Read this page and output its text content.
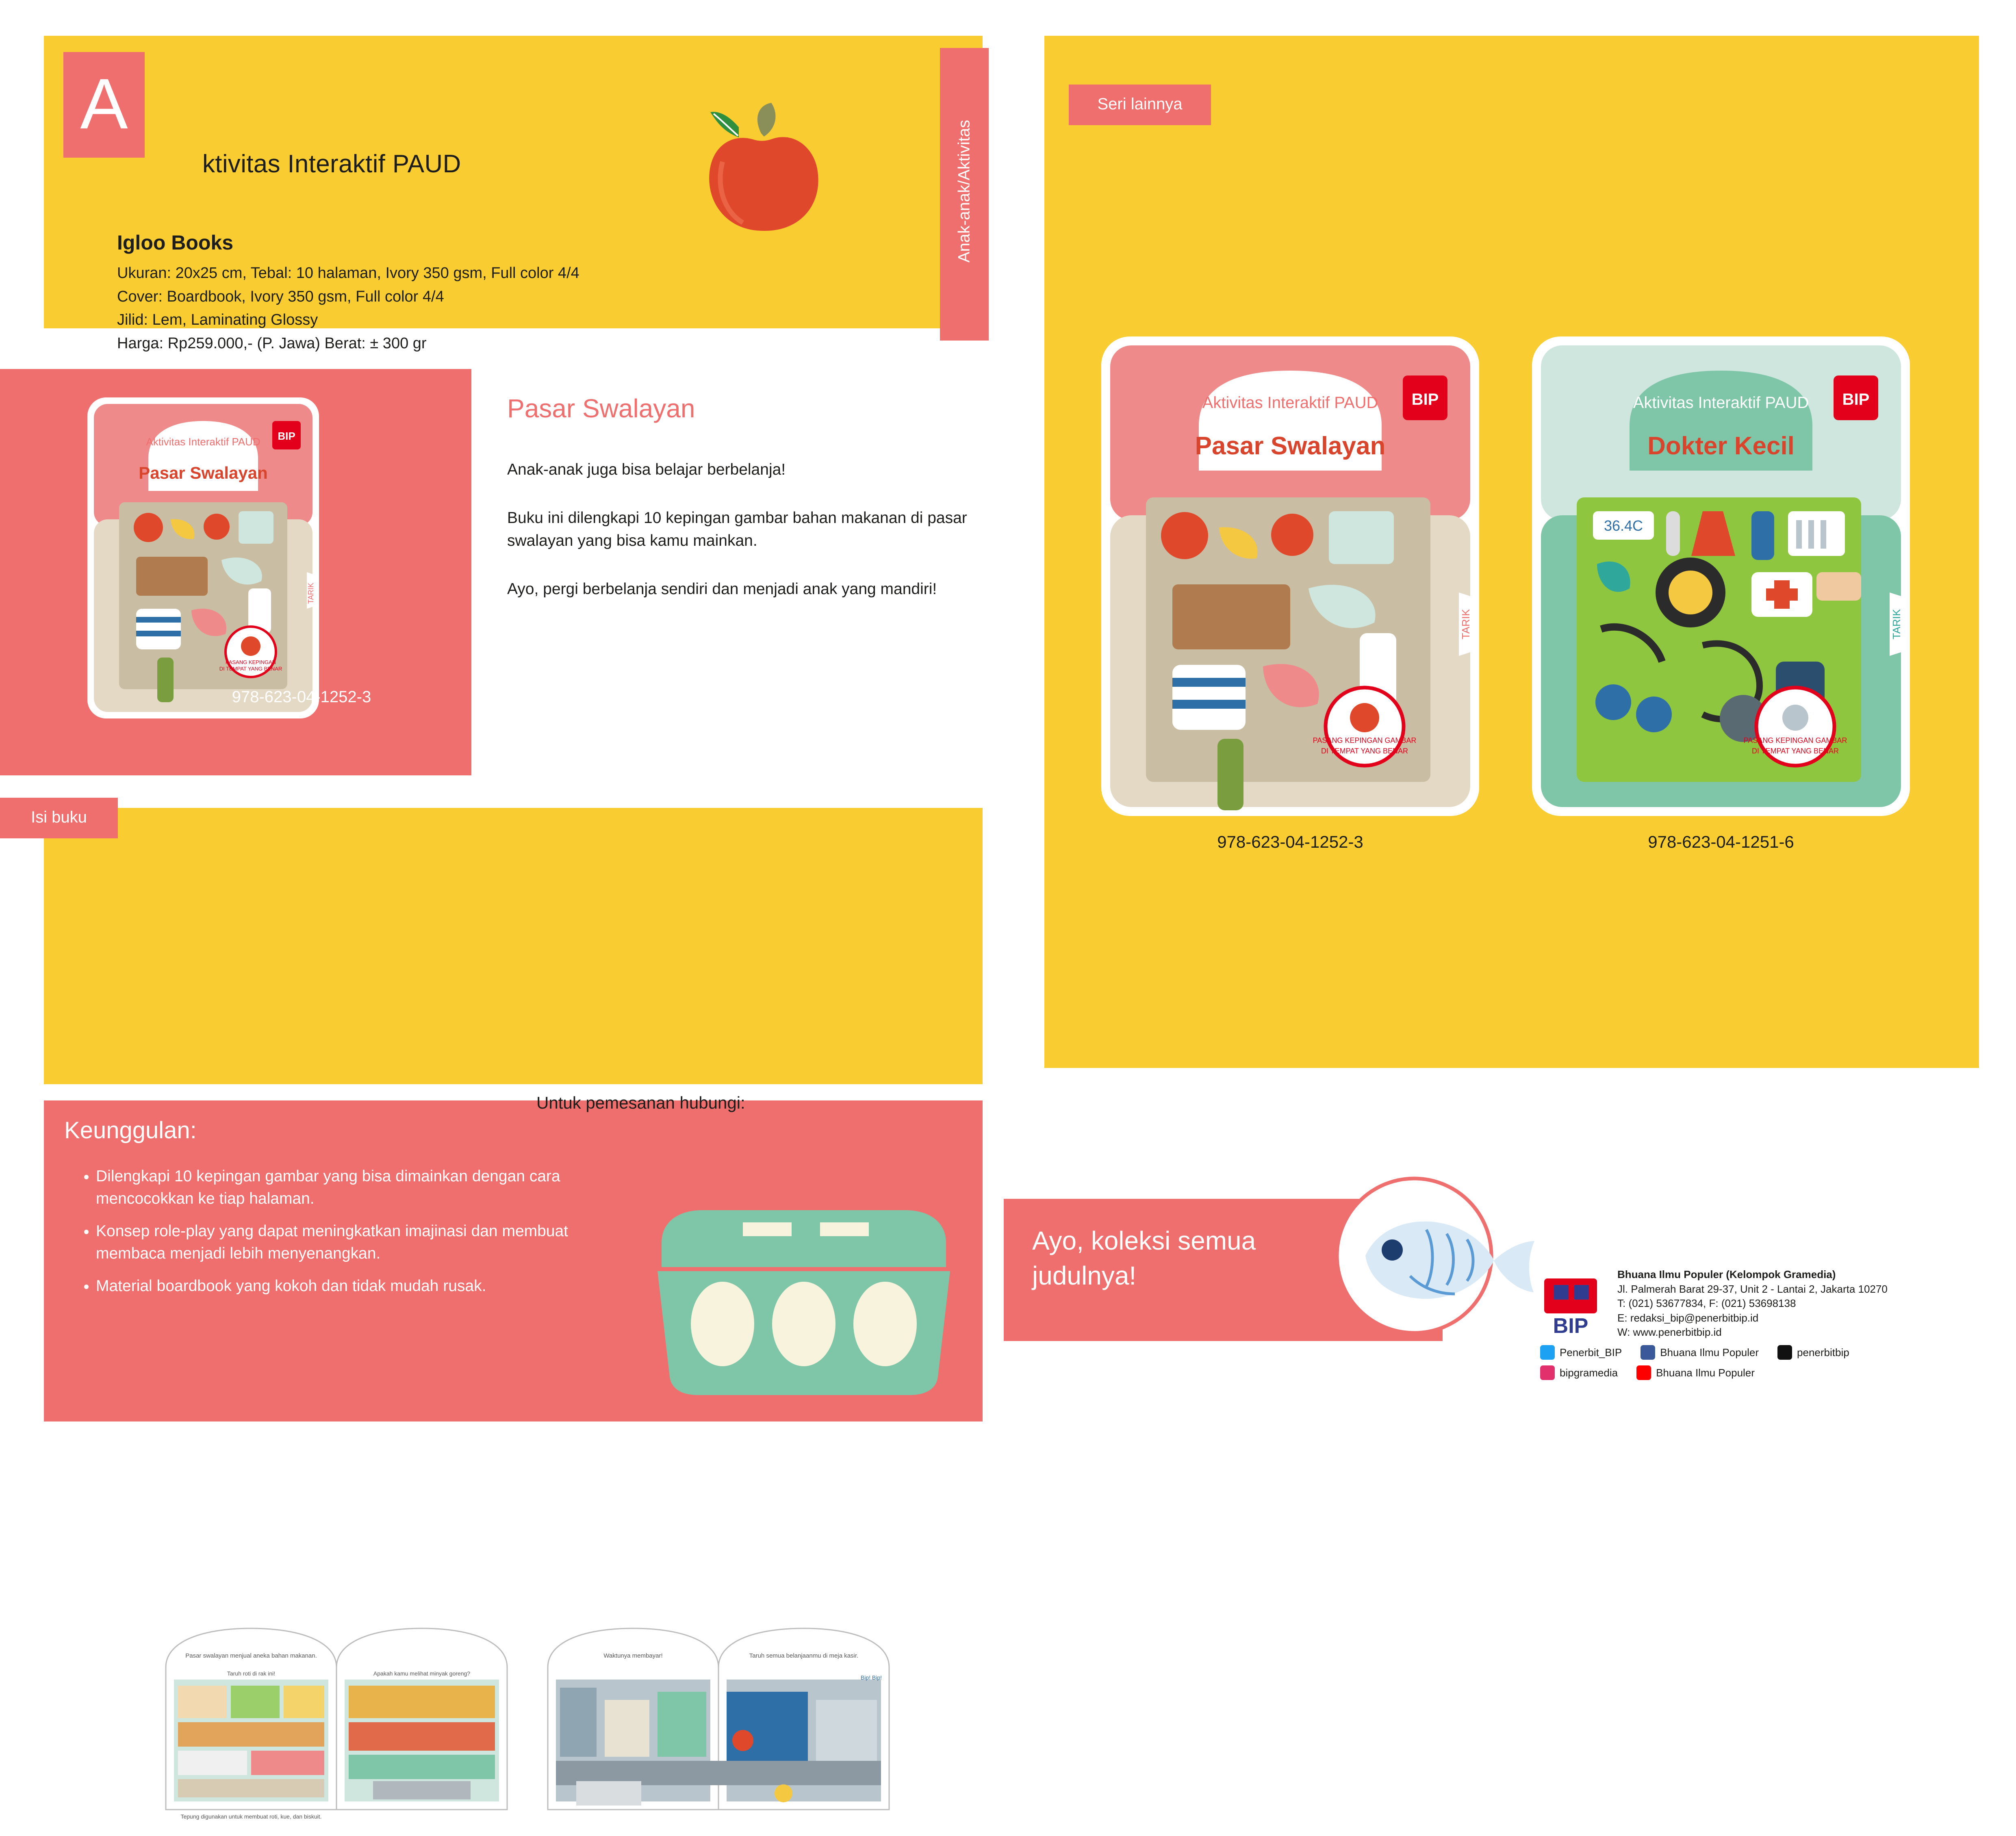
A
ktivitas Interaktif PAUD
Igloo Books

Ukuran: 20x25 cm, Tebal: 10 halaman, Ivory 350 gsm, Full color 4/4

Cover: Boardbook, Ivory 350 gsm, Full color 4/4

Jilid: Lem, Laminating Glossy

Harga: Rp259.000,- (P. Jawa) Berat: ± 300 gr

Anak-anak/Aktivitas
Aktivitas Interaktif PAUD
Pasar Swalayan
BIP
PASANG KEPINGAN
DI TEMPAT YANG BENAR
TARIK
978-623-04-1252-3
Pasar Swalayan

Anak-anak juga bisa belajar berbelanja!

Buku ini dilengkapi 10 kepingan gambar bahan makanan di pasar swalayan yang bisa kamu mainkan.

Ayo, pergi berbelanja sendiri dan menjadi anak yang mandiri!

Pasar swalayan menjual aneka bahan makanan.
Taruh roti di rak ini!	Apakah kamu melihat minyak goreng?
Tepung digunakan untuk membuat roti, kue, dan biskuit.
Waktunya membayar!	Taruh semua belanjaanmu di meja kasir.
Bip! Bip!
Isi buku
Keunggulan:
• Dilengkapi 10 kepingan gambar yang bisa dimainkan dengan cara mencocokkan ke tiap halaman.
• Konsep role-play yang dapat meningkatkan imajinasi dan membuat membaca menjadi lebih menyenangkan.
• Material boardbook yang kokoh dan tidak mudah rusak.
Seri lainnya
Aktivitas Interaktif PAUD
Pasar Swalayan
BIP
PASANG KEPINGAN GAMBAR
DI TEMPAT YANG BENAR
TARIK
Aktivitas Interaktif PAUD
Dokter Kecil
BIP
36.4C
PASANG KEPINGAN GAMBAR
DI TEMPAT YANG BENAR
TARIK
978-623-04-1252-3	978-623-04-1251-6
Untuk pemesanan hubungi:
Ayo, koleksi semua judulnya!
BIP

Bhuana Ilmu Populer (Kelompok Gramedia)

Jl. Palmerah Barat 29-37, Unit 2 - Lantai 2, Jakarta 10270

T: (021) 53677834, F: (021) 53698138

E: redaksi_bip@penerbitbip.id

W: www.penerbitbip.id

Penerbit_BIP	Bhuana Ilmu Populer	penerbitbip
bipgramedia	Bhuana Ilmu Populer
